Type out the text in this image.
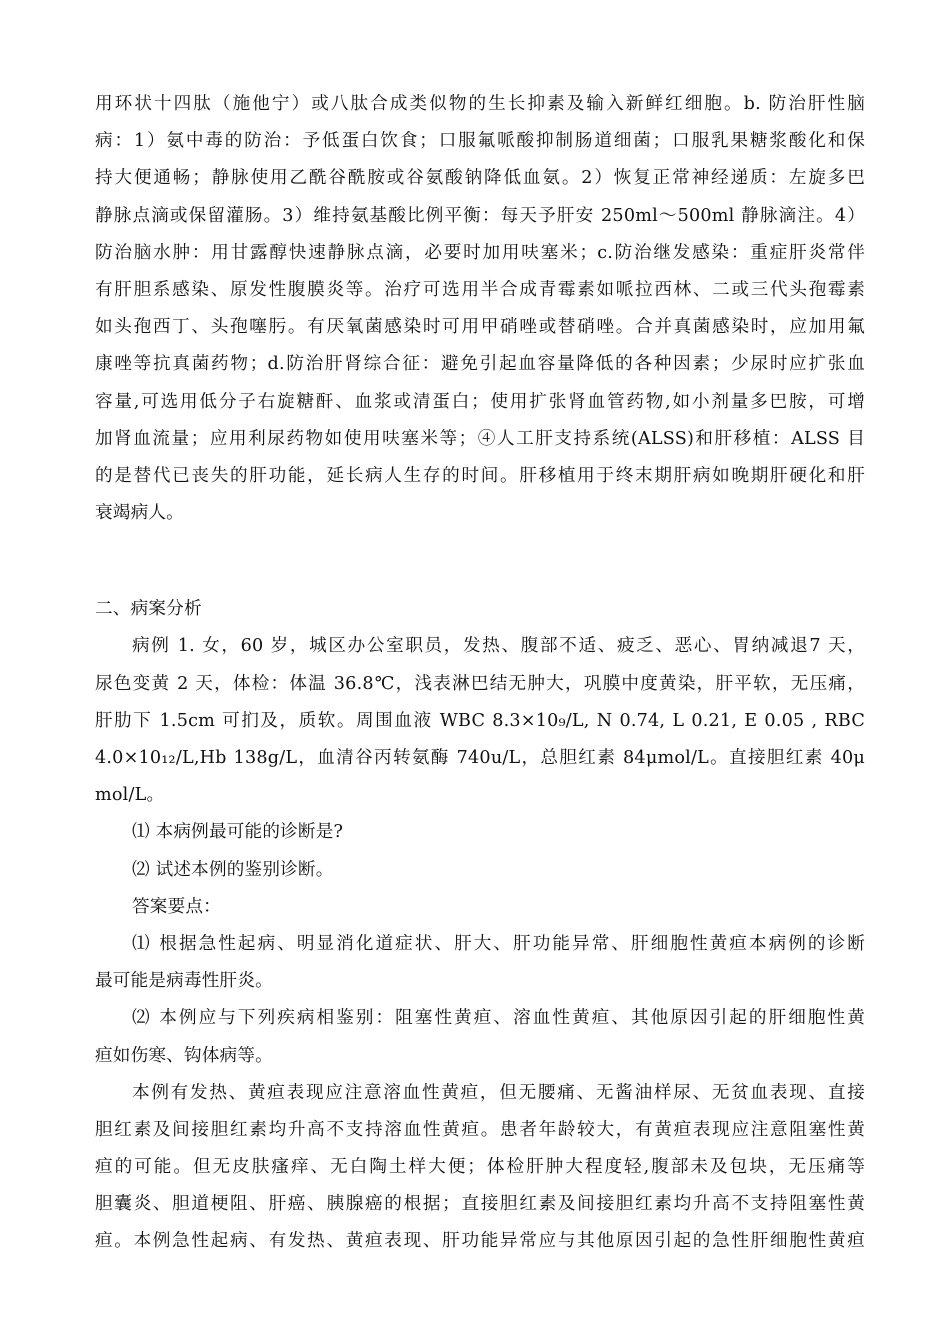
用环状十四肽（施他宁）或八肽合成类似物的生长抑素及输入新鲜红细胞。b. 防治肝性脑
病：1）氨中毒的防治：予低蛋白饮食；口服氟哌酸抑制肠道细菌；口服乳果糖浆酸化和保
持大便通畅；静脉使用乙酰谷酰胺或谷氨酸钠降低血氨。2）恢复正常神经递质：左旋多巴
静脉点滴或保留灌肠。3）维持氨基酸比例平衡：每天予肝安 250ml～500ml 静脉滴注。4）
防治脑水肿：用甘露醇快速静脉点滴，必要时加用呋塞米；c.防治继发感染：重症肝炎常伴
有肝胆系感染、原发性腹膜炎等。治疗可选用半合成青霉素如哌拉西林、二或三代头孢霉素
如头孢西丁、头孢噻肟。有厌氧菌感染时可用甲硝唑或替硝唑。合并真菌感染时，应加用氟
康唑等抗真菌药物；d.防治肝肾综合征：避免引起血容量降低的各种因素；少尿时应扩张血
容量,可选用低分子右旋糖酐、血浆或清蛋白；使用扩张肾血管药物,如小剂量多巴胺，可增
加肾血流量；应用利尿药物如使用呋塞米等；④人工肝支持系统(ALSS)和肝移植：ALSS 目
的是替代已丧失的肝功能，延长病人生存的时间。肝移植用于终末期肝病如晚期肝硬化和肝
衰竭病人。
二、病案分析
病例 1. 女，60 岁，城区办公室职员，发热、腹部不适、疲乏、恶心、胃纳减退7 天，
尿色变黄 2 天，体检：体温 36.8℃，浅表淋巴结无肿大，巩膜中度黄染，肝平软，无压痛，
肝肋下 1.5cm 可扪及，质软。周围血液 WBC 8.3×10₉/L, N 0.74, L 0.21, E 0.05 , RBC
4.0×10₁₂/L,Hb 138g/L，血清谷丙转氨酶 740u/L，总胆红素 84μmol/L。直接胆红素 40μ
mol/L。
⑴ 本病例最可能的诊断是?
⑵ 试述本例的鉴别诊断。
答案要点：
⑴ 根据急性起病、明显消化道症状、肝大、肝功能异常、肝细胞性黄疸本病例的诊断
最可能是病毒性肝炎。
⑵ 本例应与下列疾病相鉴别：阻塞性黄疸、溶血性黄疸、其他原因引起的肝细胞性黄
疸如伤寒、钩体病等。
本例有发热、黄疸表现应注意溶血性黄疸，但无腰痛、无酱油样尿、无贫血表现、直接
胆红素及间接胆红素均升高不支持溶血性黄疸。患者年龄较大，有黄疸表现应注意阻塞性黄
疸的可能。但无皮肤瘙痒、无白陶土样大便；体检肝肿大程度轻,腹部未及包块，无压痛等
胆囊炎、胆道梗阻、肝癌、胰腺癌的根据；直接胆红素及间接胆红素均升高不支持阻塞性黄
疸。本例急性起病、有发热、黄疸表现、肝功能异常应与其他原因引起的急性肝细胞性黄疸
